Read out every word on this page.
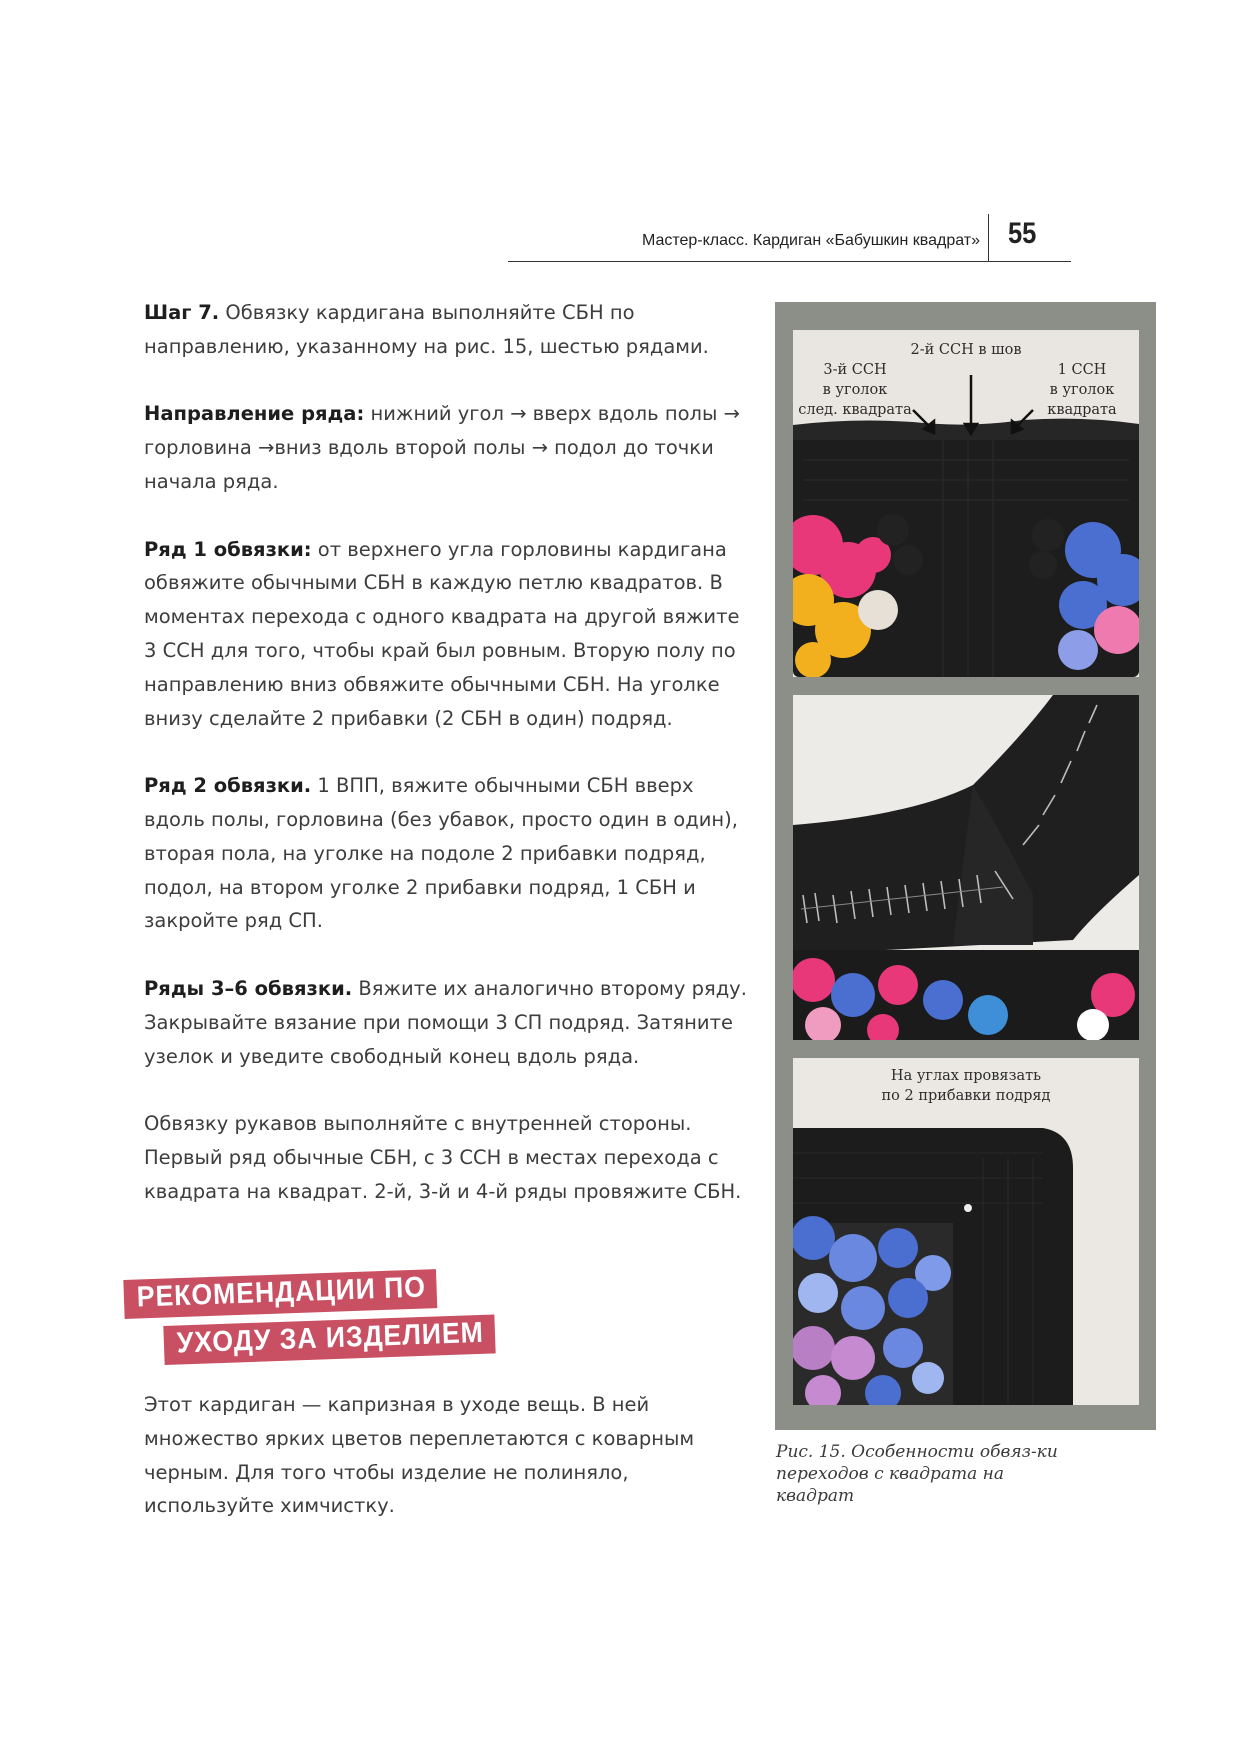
Мастер-класс. Кардиган «Бабушкин квадрат» 55

Шаг 7. Обвязку кардигана выполняйте СБН по направлению, указанному на рис. 15, шестью рядами.

Направление ряда: нижний угол → вверх вдоль полы → горловина →вниз вдоль второй полы → подол до точки начала ряда.

Ряд 1 обвязки: от верхнего угла горловины кардигана обвяжите обычными СБН в каждую петлю квадратов. В моментах перехода с одного квадрата на другой вяжите 3 ССН для того, чтобы край был ровным. Вторую полу по направлению вниз обвяжите обычными СБН. На уголке внизу сделайте 2 прибавки (2 СБН в один) подряд.

Ряд 2 обвязки. 1 ВПП, вяжите обычными СБН вверх вдоль полы, горловина (без убавок, просто один в один), вторая пола, на уголке на подоле 2 прибавки подряд, подол, на втором уголке 2 прибавки подряд, 1 СБН и закройте ряд СП.

Ряды 3–6 обвязки. Вяжите их аналогично второму ряду. Закрывайте вязание при помощи 3 СП подряд. Затяните узелок и уведите свободный конец вдоль ряда.

Обвязку рукавов выполняйте с внутренней стороны. Первый ряд обычные СБН, с 3 ССН в местах перехода с квадрата на квадрат. 2-й, 3-й и 4-й ряды провяжите СБН.

РЕКОМЕНДАЦИИ ПО
УХОДУ ЗА ИЗДЕЛИЕМ

Этот кардиган — капризная в уходе вещь. В ней множество ярких цветов переплетаются с коварным черным. Для того чтобы изделие не полиняло, используйте химчистку.

2-й ССН в шов
3-й ССН
в уголок
след. квадрата
1 ССН
в уголок
квадрата
На углах провязать
по 2 прибавки подряд

Рис. 15. Особенности обвяз-ки переходов с квадрата на квадрат
